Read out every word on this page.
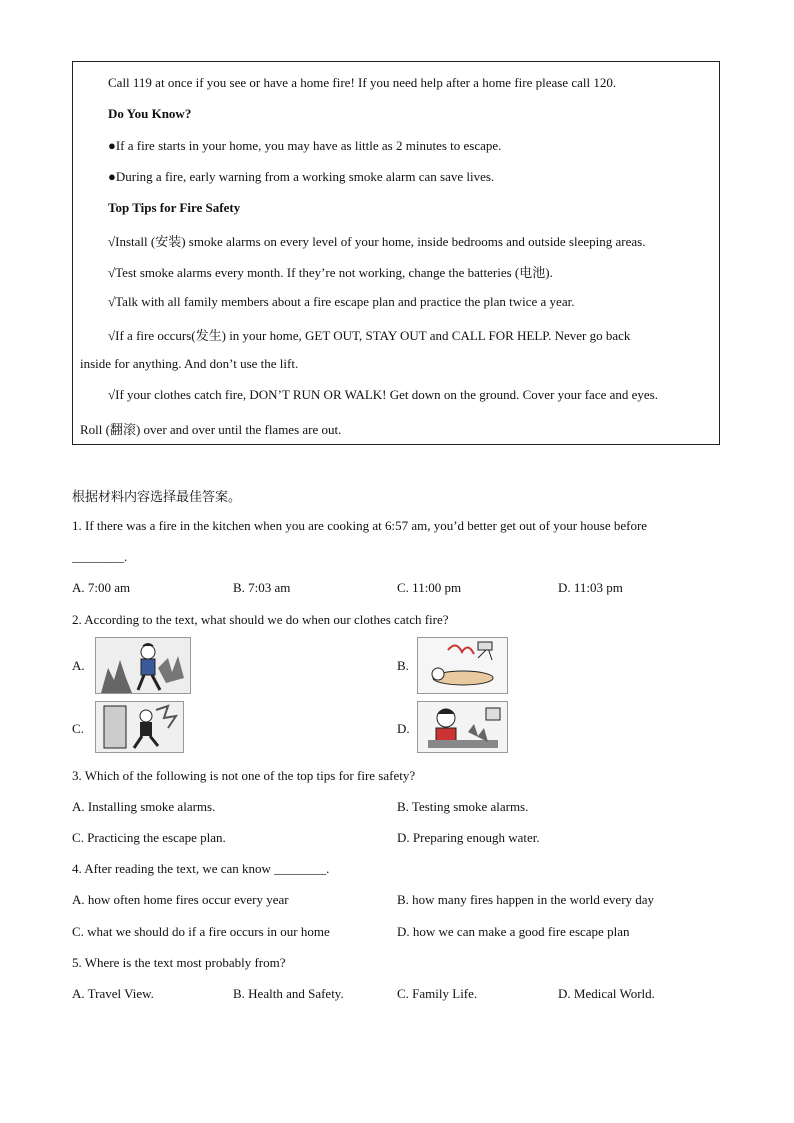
Call 119 at once if you see or have a home fire! If you need help after a home fire please call 120.
Do You Know?
●If a fire starts in your home, you may have as little as 2 minutes to escape.
●During a fire, early warning from a working smoke alarm can save lives.
Top Tips for Fire Safety
√Install (安装) smoke alarms on every level of your home, inside bedrooms and outside sleeping areas.
√Test smoke alarms every month. If they’re not working, change the batteries (电池).
√Talk with all family members about a fire escape plan and practice the plan twice a year.
√If a fire occurs(发生) in your home, GET OUT, STAY OUT and CALL FOR HELP. Never go back
inside for anything. And don’t use the lift.
√If your clothes catch fire, DON’T RUN OR WALK! Get down on the ground. Cover your face and eyes.
Roll (翻滚) over and over until the flames are out.
根据材料内容选择最佳答案。
1. If there was a fire in the kitchen when you are cooking at 6:57 am, you’d better get out of your house before
________.
A. 7:00 am	B. 7:03 am	C. 11:00 pm	D. 11:03 pm
2. According to the text, what should we do when our clothes catch fire?
A.	B.
C.	D.
3. Which of the following is not one of the top tips for fire safety?
A. Installing smoke alarms.	B. Testing smoke alarms.
C. Practicing the escape plan.	D. Preparing enough water.
4. After reading the text, we can know ________.
A. how often home fires occur every year	B. how many fires happen in the world every day
C. what we should do if a fire occurs in our home	D. how we can make a good fire escape plan
5. Where is the text most probably from?
A. Travel View.	B. Health and Safety.	C. Family Life.	D. Medical World.
